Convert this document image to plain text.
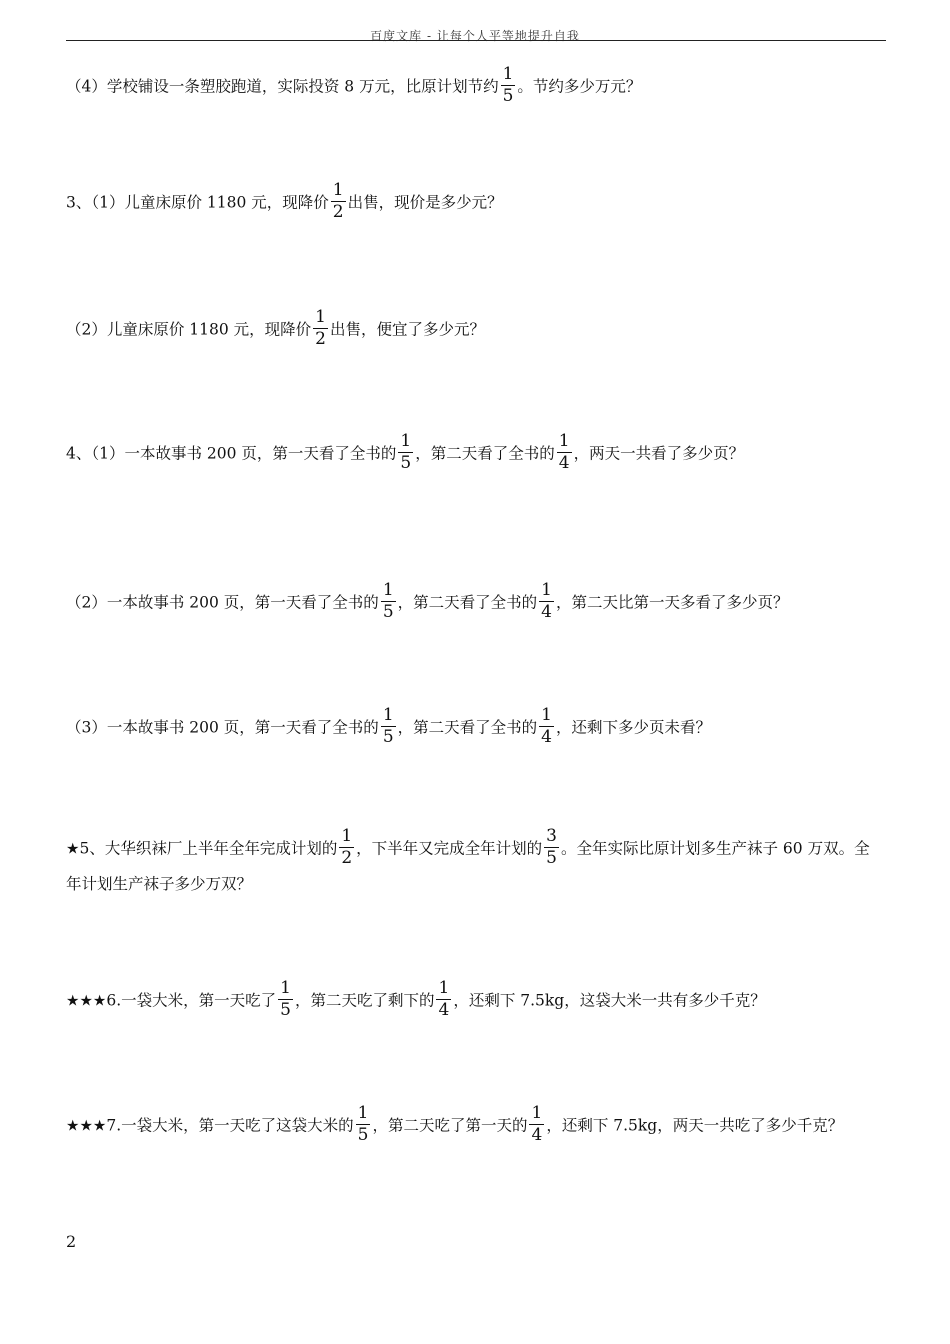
百度文库 - 让每个人平等地提升自我
（4）学校铺设一条塑胶跑道，实际投资 8 万元，比原计划节约 $\frac{1}{5}$ 。节约多少万元？
3、（1）儿童床原价 1180 元，现降价 $\frac{1}{2}$ 出售，现价是多少元？
（2）儿童床原价 1180 元，现降价 $\frac{1}{2}$ 出售，便宜了多少元？
4、（1）一本故事书 200 页，第一天看了全书的 $\frac{1}{5}$ ，第二天看了全书的 $\frac{1}{4}$ ，两天一共看了多少页？
（2）一本故事书 200 页，第一天看了全书的 $\frac{1}{5}$ ，第二天看了全书的 $\frac{1}{4}$ ，第二天比第一天多看了多少页？
（3）一本故事书 200 页，第一天看了全书的 $\frac{1}{5}$ ，第二天看了全书的 $\frac{1}{4}$ ，还剩下多少页未看？
★5、大华织袜厂上半年全年完成计划的 $\frac{1}{2}$ ，下半年又完成全年计划的 $\frac{3}{5}$ 。全年实际比原计划多生产袜子 60 万双。全年计划生产袜子多少万双？
★★★6.一袋大米，第一天吃了 $\frac{1}{5}$ ，第二天吃了剩下的 $\frac{1}{4}$ ，还剩下 7.5kg，这袋大米一共有多少千克？
★★★7.一袋大米，第一天吃了这袋大米的 $\frac{1}{5}$ ，第二天吃了第一天的 $\frac{1}{4}$ ，还剩下 7.5kg，两天一共吃了多少千克？
2
